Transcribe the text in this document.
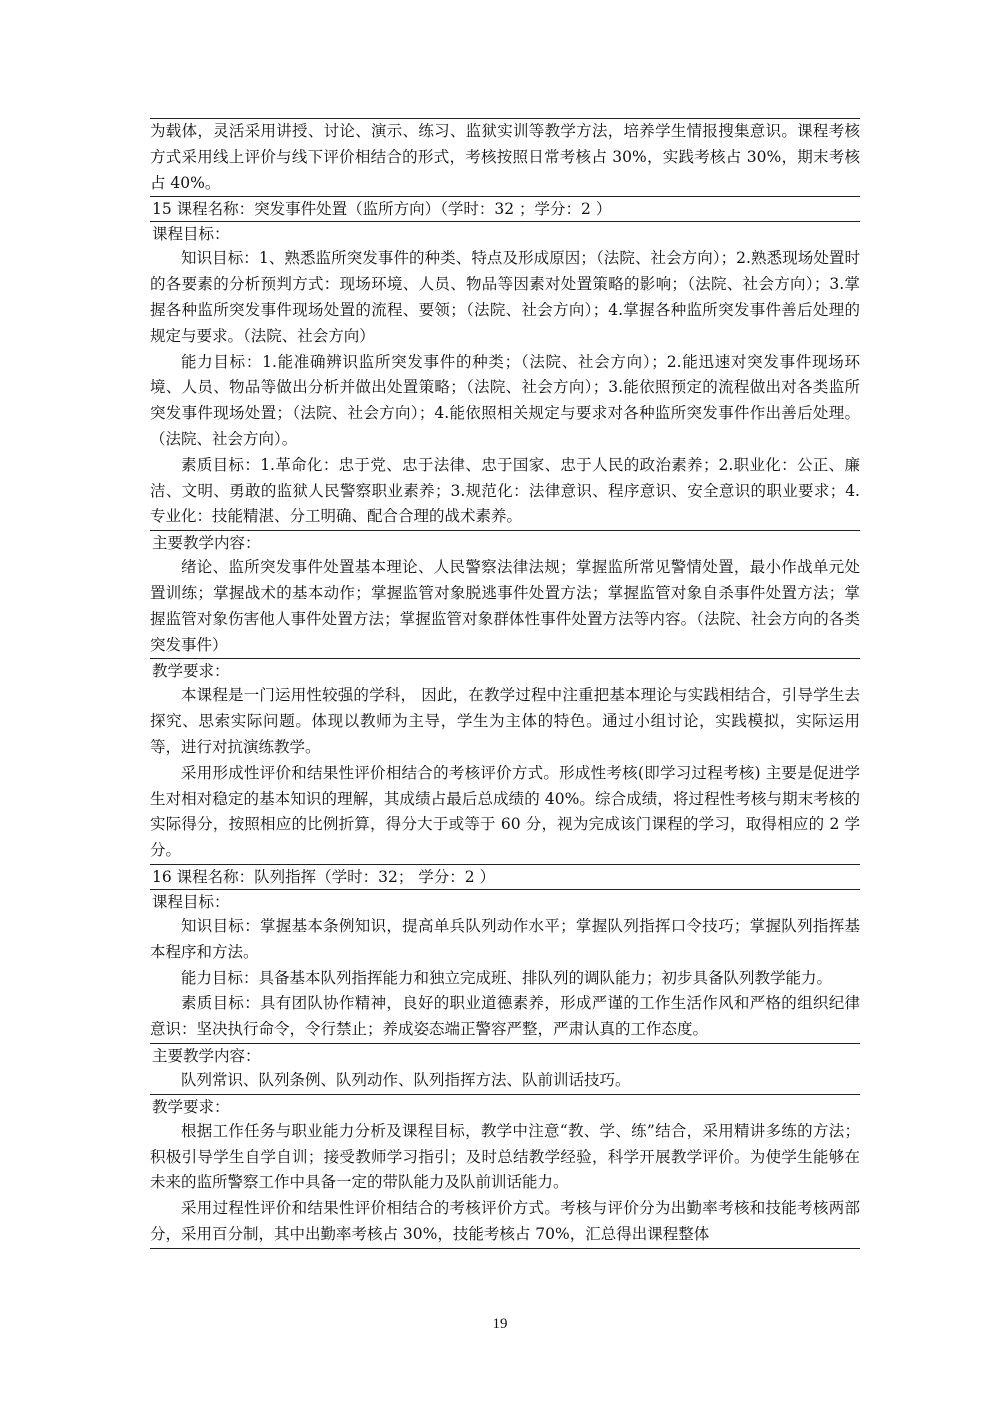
为载体，灵活采用讲授、讨论、演示、练习、监狱实训等教学方法，培养学生情报搜集意识。课程考核方式采用线上评价与线下评价相结合的形式，考核按照日常考核占 30%，实践考核占 30%，期末考核占 40%。

15 课程名称：突发事件处置（监所方向）（学时：32 ；学分：2 ）
课程目标：

知识目标：1、熟悉监所突发事件的种类、特点及形成原因；（法院、社会方向）；2.熟悉现场处置时的各要素的分析预判方式：现场环境、人员、物品等因素对处置策略的影响；（法院、社会方向）；3.掌握各种监所突发事件现场处置的流程、要领；（法院、社会方向）；4.掌握各种监所突发事件善后处理的规定与要求。（法院、社会方向）

能力目标：1.能准确辨识监所突发事件的种类；（法院、社会方向）；2.能迅速对突发事件现场环境、人员、物品等做出分析并做出处置策略；（法院、社会方向）；3.能依照预定的流程做出对各类监所突发事件现场处置；（法院、社会方向）；4.能依照相关规定与要求对各种监所突发事件作出善后处理。（法院、社会方向）。

素质目标：1.革命化：忠于党、忠于法律、忠于国家、忠于人民的政治素养；2.职业化：公正、廉洁、文明、勇敢的监狱人民警察职业素养；3.规范化：法律意识、程序意识、安全意识的职业要求；4.专业化：技能精湛、分工明确、配合合理的战术素养。

主要教学内容：

绪论、监所突发事件处置基本理论、人民警察法律法规；掌握监所常见警情处置，最小作战单元处置训练；掌握战术的基本动作；掌握监管对象脱逃事件处置方法；掌握监管对象自杀事件处置方法；掌握监管对象伤害他人事件处置方法；掌握监管对象群体性事件处置方法等内容。（法院、社会方向的各类突发事件）

教学要求：

本课程是一门运用性较强的学科， 因此，在教学过程中注重把基本理论与实践相结合，引导学生去探究、思索实际问题。体现以教师为主导，学生为主体的特色。通过小组讨论，实践模拟，实际运用等，进行对抗演练教学。

采用形成性评价和结果性评价相结合的考核评价方式。形成性考核(即学习过程考核) 主要是促进学生对相对稳定的基本知识的理解，其成绩占最后总成绩的 40%。综合成绩，将过程性考核与期末考核的实际得分，按照相应的比例折算，得分大于或等于 60 分，视为完成该门课程的学习，取得相应的 2 学分。

16 课程名称：队列指挥（学时：32； 学分：2 ）
课程目标：

知识目标：掌握基本条例知识，提高单兵队列动作水平；掌握队列指挥口令技巧；掌握队列指挥基本程序和方法。

能力目标：具备基本队列指挥能力和独立完成班、排队列的调队能力；初步具备队列教学能力。

素质目标：具有团队协作精神，良好的职业道德素养，形成严谨的工作生活作风和严格的组织纪律意识：坚决执行命令，令行禁止；养成姿态端正警容严整，严肃认真的工作态度。

主要教学内容：

队列常识、队列条例、队列动作、队列指挥方法、队前训话技巧。

教学要求：

根据工作任务与职业能力分析及课程目标，教学中注意“教、学、练”结合，采用精讲多练的方法；积极引导学生自学自训；接受教师学习指引；及时总结教学经验，科学开展教学评价。为使学生能够在未来的监所警察工作中具备一定的带队能力及队前训话能力。

采用过程性评价和结果性评价相结合的考核评价方式。考核与评价分为出勤率考核和技能考核两部分，采用百分制，其中出勤率考核占 30%，技能考核占 70%，汇总得出课程整体

19
